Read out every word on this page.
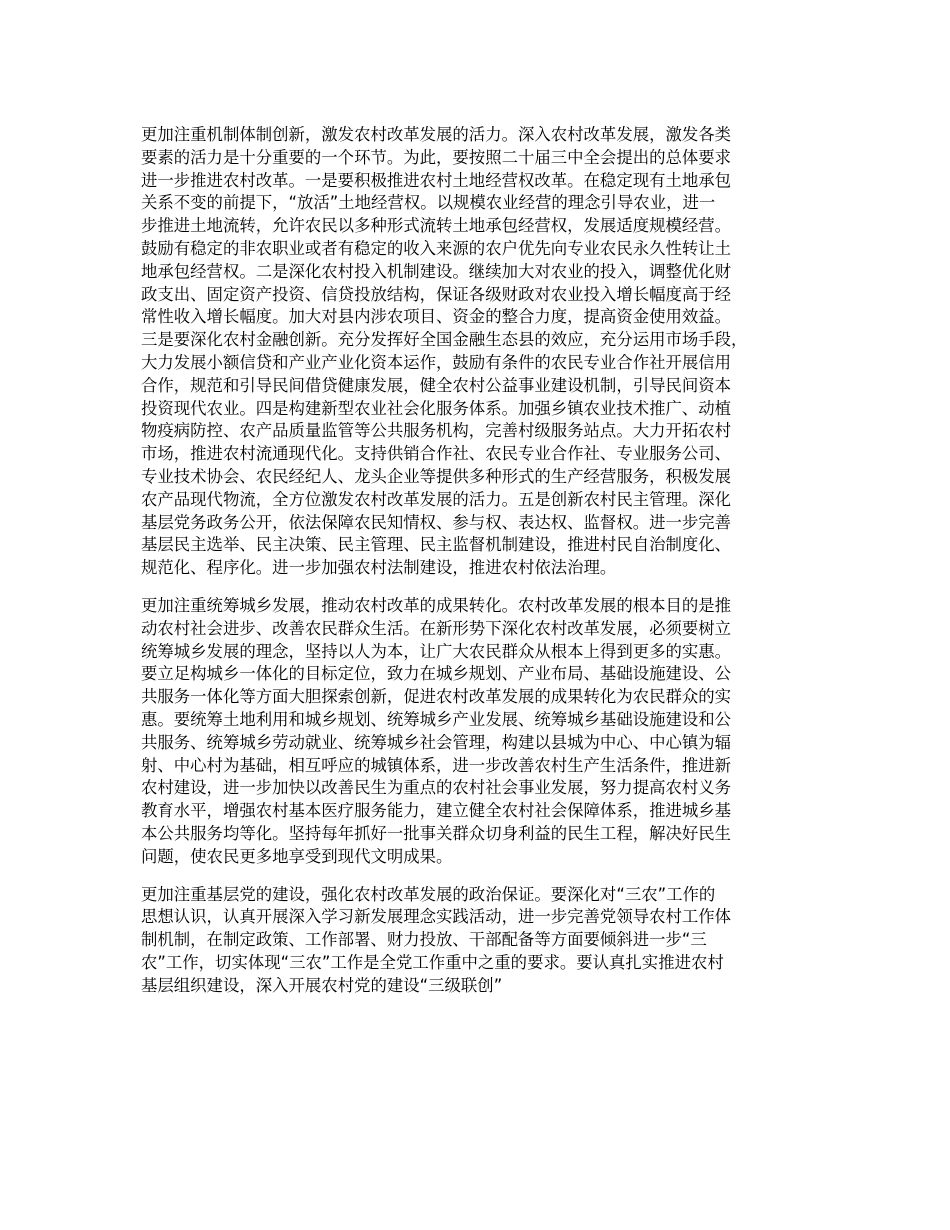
更加注重机制体制创新，激发农村改革发展的活力。深入农村改革发展，激发各类
要素的活力是十分重要的一个环节。为此，要按照二十届三中全会提出的总体要求
进一步推进农村改革。一是要积极推进农村土地经营权改革。在稳定现有土地承包
关系不变的前提下，“放活”土地经营权。以规模农业经营的理念引导农业，进一
步推进土地流转，允许农民以多种形式流转土地承包经营权，发展适度规模经营。
鼓励有稳定的非农职业或者有稳定的收入来源的农户优先向专业农民永久性转让土
地承包经营权。二是深化农村投入机制建设。继续加大对农业的投入，调整优化财
政支出、固定资产投资、信贷投放结构，保证各级财政对农业投入增长幅度高于经
常性收入增长幅度。加大对县内涉农项目、资金的整合力度，提高资金使用效益。
三是要深化农村金融创新。充分发挥好全国金融生态县的效应，充分运用市场手段，
大力发展小额信贷和产业产业化资本运作，鼓励有条件的农民专业合作社开展信用
合作，规范和引导民间借贷健康发展，健全农村公益事业建设机制，引导民间资本
投资现代农业。四是构建新型农业社会化服务体系。加强乡镇农业技术推广、动植
物疫病防控、农产品质量监管等公共服务机构，完善村级服务站点。大力开拓农村
市场，推进农村流通现代化。支持供销合作社、农民专业合作社、专业服务公司、
专业技术协会、农民经纪人、龙头企业等提供多种形式的生产经营服务，积极发展
农产品现代物流，全方位激发农村改革发展的活力。五是创新农村民主管理。深化
基层党务政务公开，依法保障农民知情权、参与权、表达权、监督权。进一步完善
基层民主选举、民主决策、民主管理、民主监督机制建设，推进村民自治制度化、
规范化、程序化。进一步加强农村法制建设，推进农村依法治理。
更加注重统筹城乡发展，推动农村改革的成果转化。农村改革发展的根本目的是推
动农村社会进步、改善农民群众生活。在新形势下深化农村改革发展，必须要树立
统筹城乡发展的理念，坚持以人为本，让广大农民群众从根本上得到更多的实惠。
要立足构城乡一体化的目标定位，致力在城乡规划、产业布局、基础设施建设、公
共服务一体化等方面大胆探索创新，促进农村改革发展的成果转化为农民群众的实
惠。要统筹土地利用和城乡规划、统筹城乡产业发展、统筹城乡基础设施建设和公
共服务、统筹城乡劳动就业、统筹城乡社会管理，构建以县城为中心、中心镇为辐
射、中心村为基础，相互呼应的城镇体系，进一步改善农村生产生活条件，推进新
农村建设，进一步加快以改善民生为重点的农村社会事业发展，努力提高农村义务
教育水平，增强农村基本医疗服务能力，建立健全农村社会保障体系，推进城乡基
本公共服务均等化。坚持每年抓好一批事关群众切身利益的民生工程，解决好民生
问题，使农民更多地享受到现代文明成果。
更加注重基层党的建设，强化农村改革发展的政治保证。要深化对“三农”工作的
思想认识，认真开展深入学习新发展理念实践活动，进一步完善党领导农村工作体
制机制，在制定政策、工作部署、财力投放、干部配备等方面要倾斜进一步“三
农”工作，切实体现“三农”工作是全党工作重中之重的要求。要认真扎实推进农村
基层组织建设，深入开展农村党的建设“三级联创”
